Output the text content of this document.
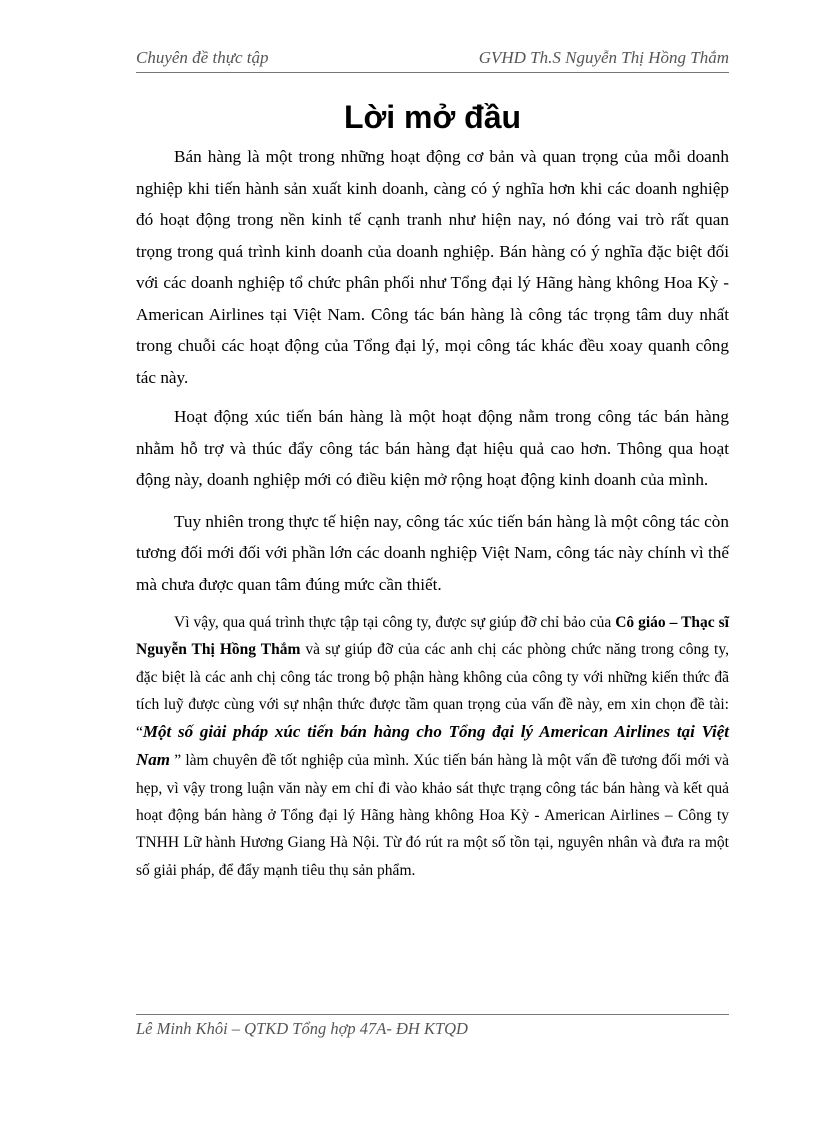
Chuyên đề thực tập	GVHD Th.S Nguyễn Thị Hồng Thắm
Lời mở đầu

Bán hàng là một trong những hoạt động cơ bản và quan trọng của mỗi doanh nghiệp khi tiến hành sản xuất kinh doanh, càng có ý nghĩa hơn khi các doanh nghiệp đó hoạt động trong nền kinh tế cạnh tranh như hiện nay, nó đóng vai trò rất quan trọng trong quá trình kinh doanh của doanh nghiệp. Bán hàng có ý nghĩa đặc biệt đối với các doanh nghiệp tổ chức phân phối như Tổng đại lý Hãng hàng không Hoa Kỳ - American Airlines tại Việt Nam. Công tác bán hàng là công tác trọng tâm duy nhất trong chuỗi các hoạt động của Tổng đại lý, mọi công tác khác đều xoay quanh công tác này.

Hoạt động xúc tiến bán hàng là một hoạt động nằm trong công tác bán hàng nhằm hỗ trợ và thúc đẩy công tác bán hàng đạt hiệu quả cao hơn. Thông qua hoạt động này, doanh nghiệp mới có điều kiện mở rộng hoạt động kinh doanh của mình.

Tuy nhiên trong thực tế hiện nay, công tác xúc tiến bán hàng là một công tác còn tương đối mới đối với phần lớn các doanh nghiệp Việt Nam, công tác này chính vì thế mà chưa được quan tâm đúng mức cần thiết.

Vì vậy, qua quá trình thực tập tại công ty, được sự giúp đỡ chỉ bảo của Cô giáo – Thạc sĩ Nguyễn Thị Hồng Thắm và sự giúp đỡ của các anh chị các phòng chức năng trong công ty, đặc biệt là các anh chị công tác trong bộ phận hàng không của công ty với những kiến thức đã tích luỹ được cùng với sự nhận thức được tầm quan trọng của vấn đề này, em xin chọn đề tài: “Một số giải pháp xúc tiến bán hàng cho Tổng đại lý American Airlines tại Việt Nam ” làm chuyên đề tốt nghiệp của mình. Xúc tiến bán hàng là một vấn đề tương đối mới và hẹp, vì vậy trong luận văn này em chỉ đi vào khảo sát thực trạng công tác bán hàng và kết quả hoạt động bán hàng ở Tổng đại lý Hãng hàng không Hoa Kỳ - American Airlines – Công ty TNHH Lữ hành Hương Giang Hà Nội. Từ đó rút ra một số tồn tại, nguyên nhân và đưa ra một số giải pháp, để đẩy mạnh tiêu thụ sản phẩm.

Lê Minh Khôi – QTKD Tổng hợp 47A- ĐH KTQD
